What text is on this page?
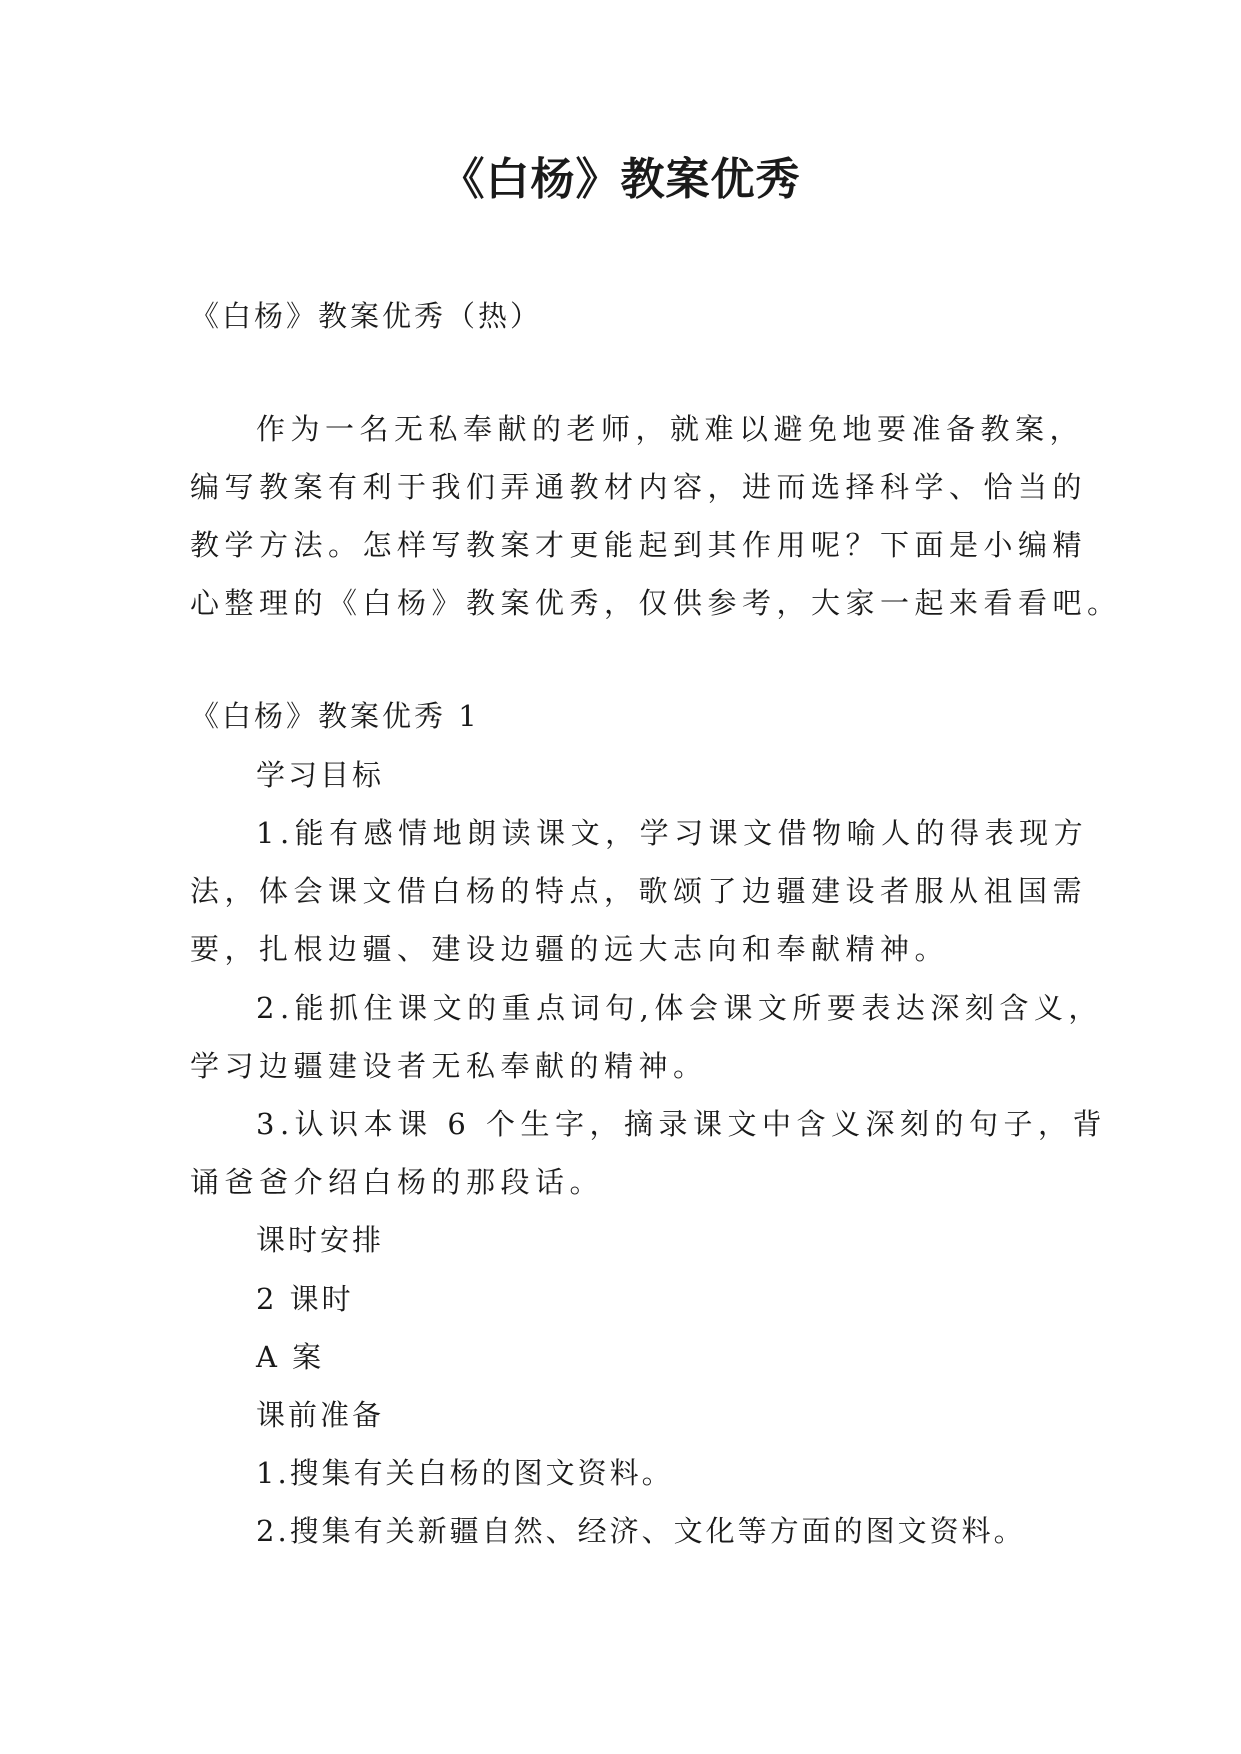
《白杨》教案优秀
《白杨》教案优秀（热）
作为一名无私奉献的老师，就难以避免地要准备教案，
编写教案有利于我们弄通教材内容，进而选择科学、恰当的
教学方法。怎样写教案才更能起到其作用呢？下面是小编精
心整理的《白杨》教案优秀，仅供参考，大家一起来看看吧。
《白杨》教案优秀 1
学习目标
1.能有感情地朗读课文，学习课文借物喻人的得表现方
法，体会课文借白杨的特点，歌颂了边疆建设者服从祖国需
要，扎根边疆、建设边疆的远大志向和奉献精神。
2.能抓住课文的重点词句,体会课文所要表达深刻含义，
学习边疆建设者无私奉献的精神。
3.认识本课 6 个生字，摘录课文中含义深刻的句子，背
诵爸爸介绍白杨的那段话。
课时安排
2 课时
A 案
课前准备
1.搜集有关白杨的图文资料。
2.搜集有关新疆自然、经济、文化等方面的图文资料。
